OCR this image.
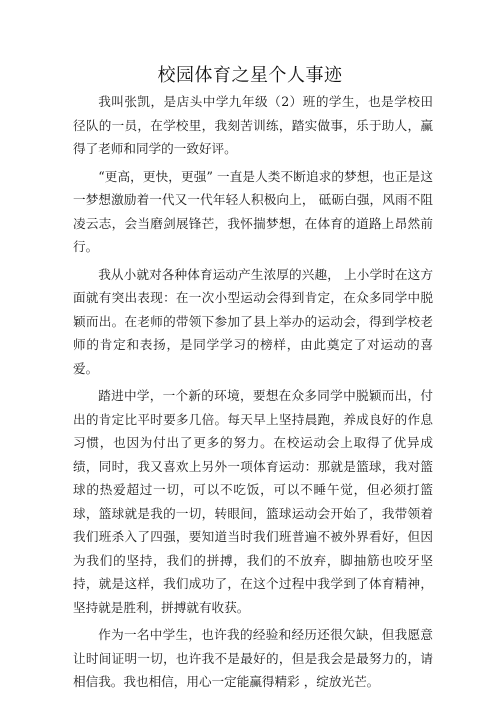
校园体育之星个人事迹

我叫张凯，是店头中学九年级（2）班的学生，也是学校田径队的一员，在学校里，我刻苦训练，踏实做事，乐于助人，赢得了老师和同学的一致好评。

“更高，更快，更强” 一直是人类不断追求的梦想，也正是这一梦想激励着一代又一代年轻人积极向上， 砥砺白强，风雨不阻凌云志，会当磨剑展锋芒，我怀揣梦想，在体育的道路上昂然前行。

我从小就对各种体育运动产生浓厚的兴趣， 上小学时在这方面就有突出表现：在一次小型运动会得到肯定，在众多同学中脱颖而出。在老师的带领下参加了县上举办的运动会，得到学校老师的肯定和表扬，是同学学习的榜样，由此奠定了对运动的喜爱。

踏进中学，一个新的环境，要想在众多同学中脱颖而出，付出的肯定比平时要多几倍。每天早上坚持晨跑，养成良好的作息习惯，也因为付出了更多的努力。在校运动会上取得了优异成绩，同时，我又喜欢上另外一项体育运动：那就是篮球，我对篮球的热爱超过一切，可以不吃饭，可以不睡午觉，但必须打篮球，篮球就是我的一切，转眼间，篮球运动会开始了，我带领着我们班杀入了四强，要知道当时我们班普遍不被外界看好，但因为我们的坚持，我们的拼搏，我们的不放弃，脚抽筋也咬牙坚持，就是这样，我们成功了，在这个过程中我学到了体育精神，坚持就是胜利，拼搏就有收获。

作为一名中学生，也许我的经验和经历还很欠缺，但我愿意让时间证明一切，也许我不是最好的，但是我会是最努力的，请相信我。我也相信，用心一定能赢得精彩 ，绽放光芒。
